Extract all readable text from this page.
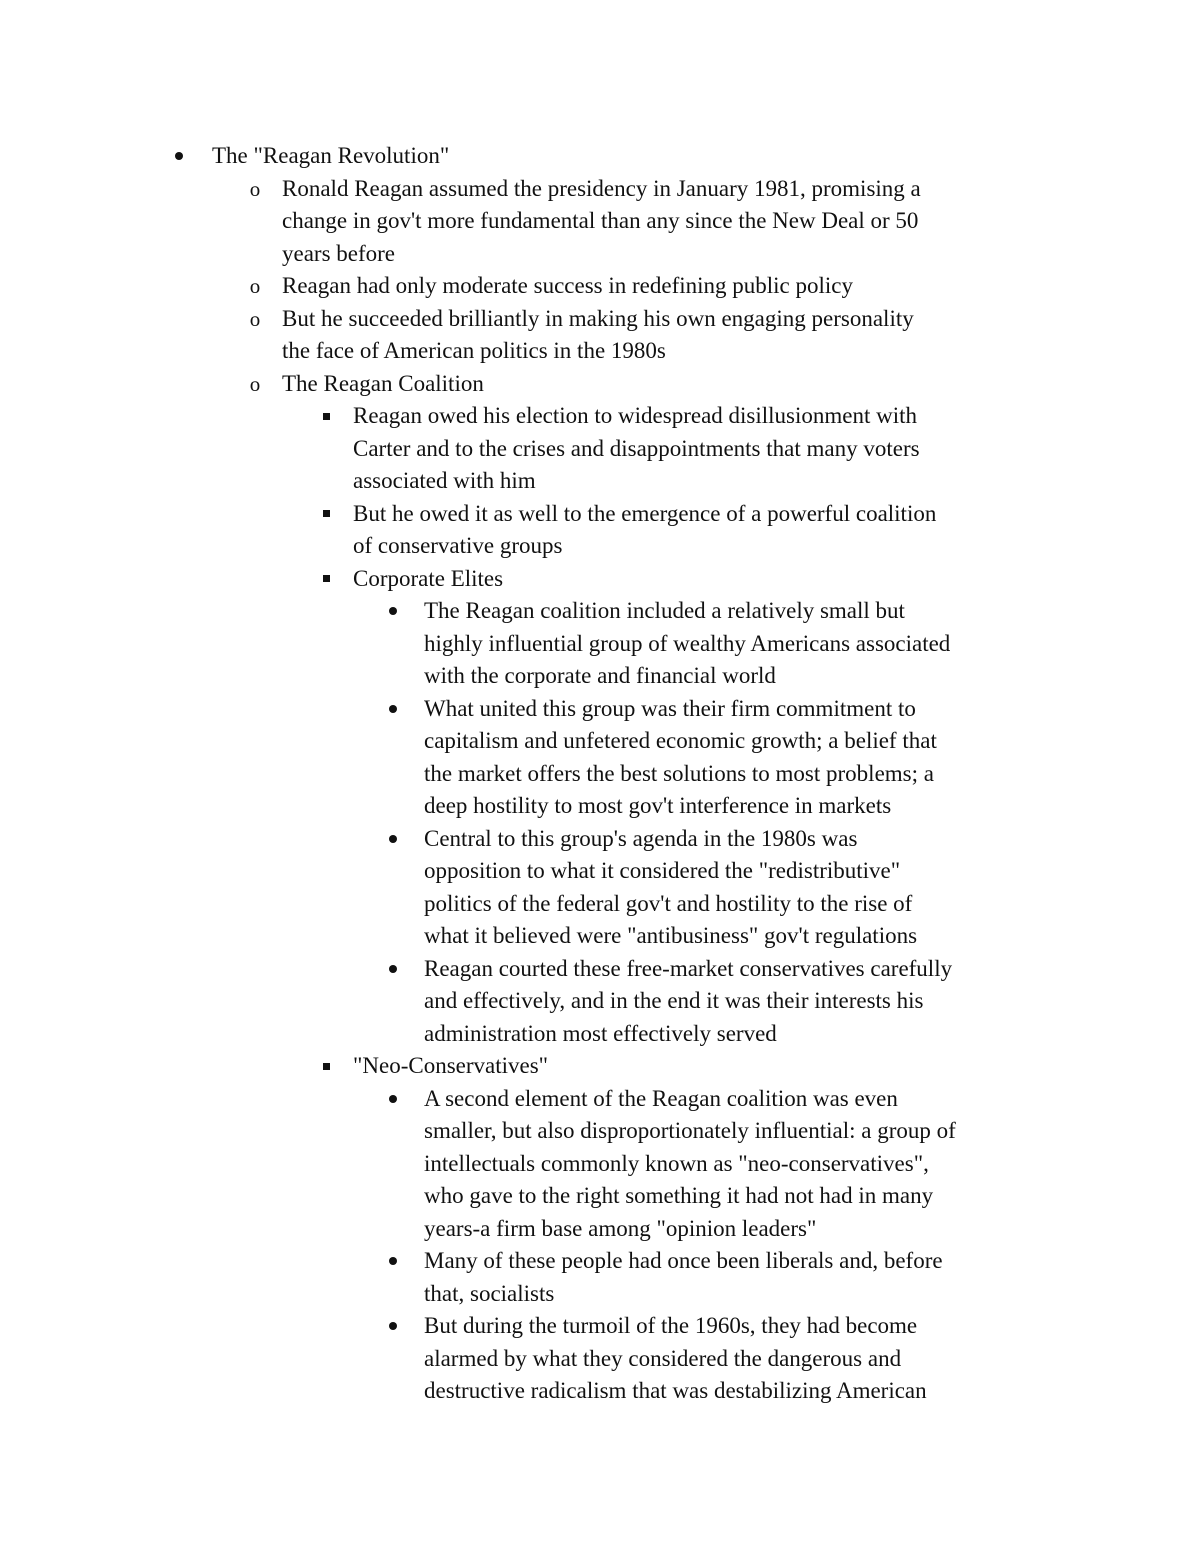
The "Reagan Revolution"
o Ronald Reagan assumed the presidency in January 1981, promising a
change in gov't more fundamental than any since the New Deal or 50
years before
o Reagan had only moderate success in redefining public policy
o But he succeeded brilliantly in making his own engaging personality
the face of American politics in the 1980s
o The Reagan Coalition
Reagan owed his election to widespread disillusionment with
Carter and to the crises and disappointments that many voters
associated with him
But he owed it as well to the emergence of a powerful coalition
of conservative groups
Corporate Elites
The Reagan coalition included a relatively small but
highly influential group of wealthy Americans associated
with the corporate and financial world
What united this group was their firm commitment to
capitalism and unfetered economic growth; a belief that
the market offers the best solutions to most problems; a
deep hostility to most gov't interference in markets
Central to this group's agenda in the 1980s was
opposition to what it considered the "redistributive"
politics of the federal gov't and hostility to the rise of
what it believed were "antibusiness" gov't regulations
Reagan courted these free-market conservatives carefully
and effectively, and in the end it was their interests his
administration most effectively served
"Neo-Conservatives"
A second element of the Reagan coalition was even
smaller, but also disproportionately influential: a group of
intellectuals commonly known as "neo-conservatives",
who gave to the right something it had not had in many
years-a firm base among "opinion leaders"
Many of these people had once been liberals and, before
that, socialists
But during the turmoil of the 1960s, they had become
alarmed by what they considered the dangerous and
destructive radicalism that was destabilizing American
